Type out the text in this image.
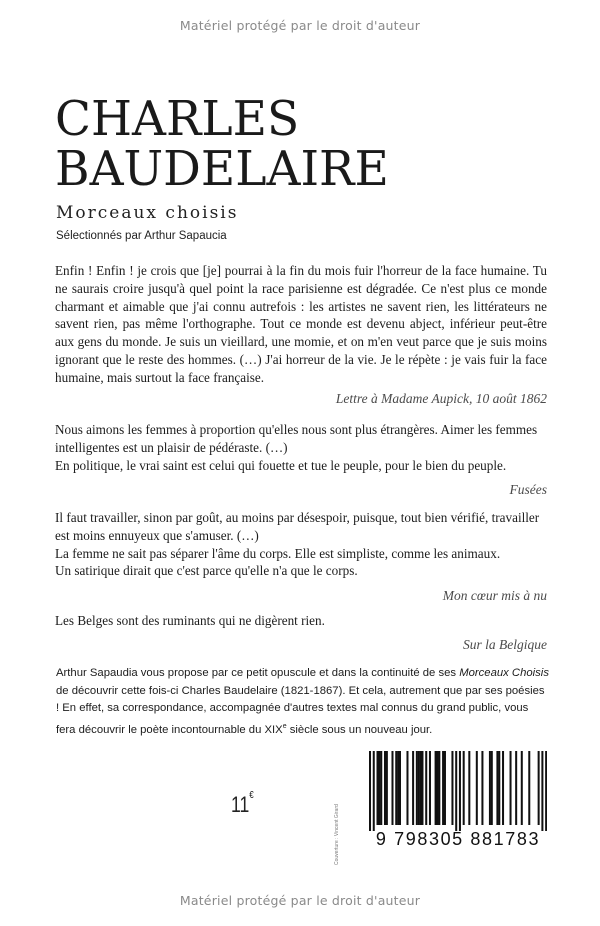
Matériel protégé par le droit d'auteur
CHARLES
BAUDELAIRE
Morceaux choisis
Sélectionnés par Arthur Sapaucia

Enfin ! Enfin ! je crois que [je] pourrai à la fin du mois fuir l'horreur de la face humaine. Tu ne saurais croire jusqu'à quel point la race parisienne est dégradée. Ce n'est plus ce monde charmant et aimable que j'ai connu autrefois : les artistes ne savent rien, les littérateurs ne savent rien, pas même l'orthographe. Tout ce monde est devenu abject, inférieur peut-être aux gens du monde. Je suis un vieillard, une momie, et on m'en veut parce que je suis moins ignorant que le reste des hommes. (…) J'ai horreur de la vie. Je le répète : je vais fuir la face humaine, mais surtout la face française.

Lettre à Madame Aupick, 10 août 1862

Nous aimons les femmes à proportion qu'elles nous sont plus étrangères. Aimer les femmes intelligentes est un plaisir de pédéraste. (…)

En politique, le vrai saint est celui qui fouette et tue le peuple, pour le bien du peuple.

Fusées

Il faut travailler, sinon par goût, au moins par désespoir, puisque, tout bien vérifié, travailler est moins ennuyeux que s'amuser. (…)

La femme ne sait pas séparer l'âme du corps. Elle est simpliste, comme les animaux.

Un satirique dirait que c'est parce qu'elle n'a que le corps.

Mon cœur mis à nu

Les Belges sont des ruminants qui ne digèrent rien.

Sur la Belgique

Arthur Sapaudia vous propose par ce petit opuscule et dans la continuité de ses Morceaux Choisis de découvrir cette fois-ci Charles Baudelaire (1821-1867). Et cela, autrement que par ses poésies ! En effet, sa correspondance, accompagnée d'autres textes mal connus du grand public, vous fera découvrir le poète incontournable du XIXe siècle sous un nouveau jour.

11€
Couverture : Vincent Girard	9 798305 881783
Matériel protégé par le droit d'auteur
